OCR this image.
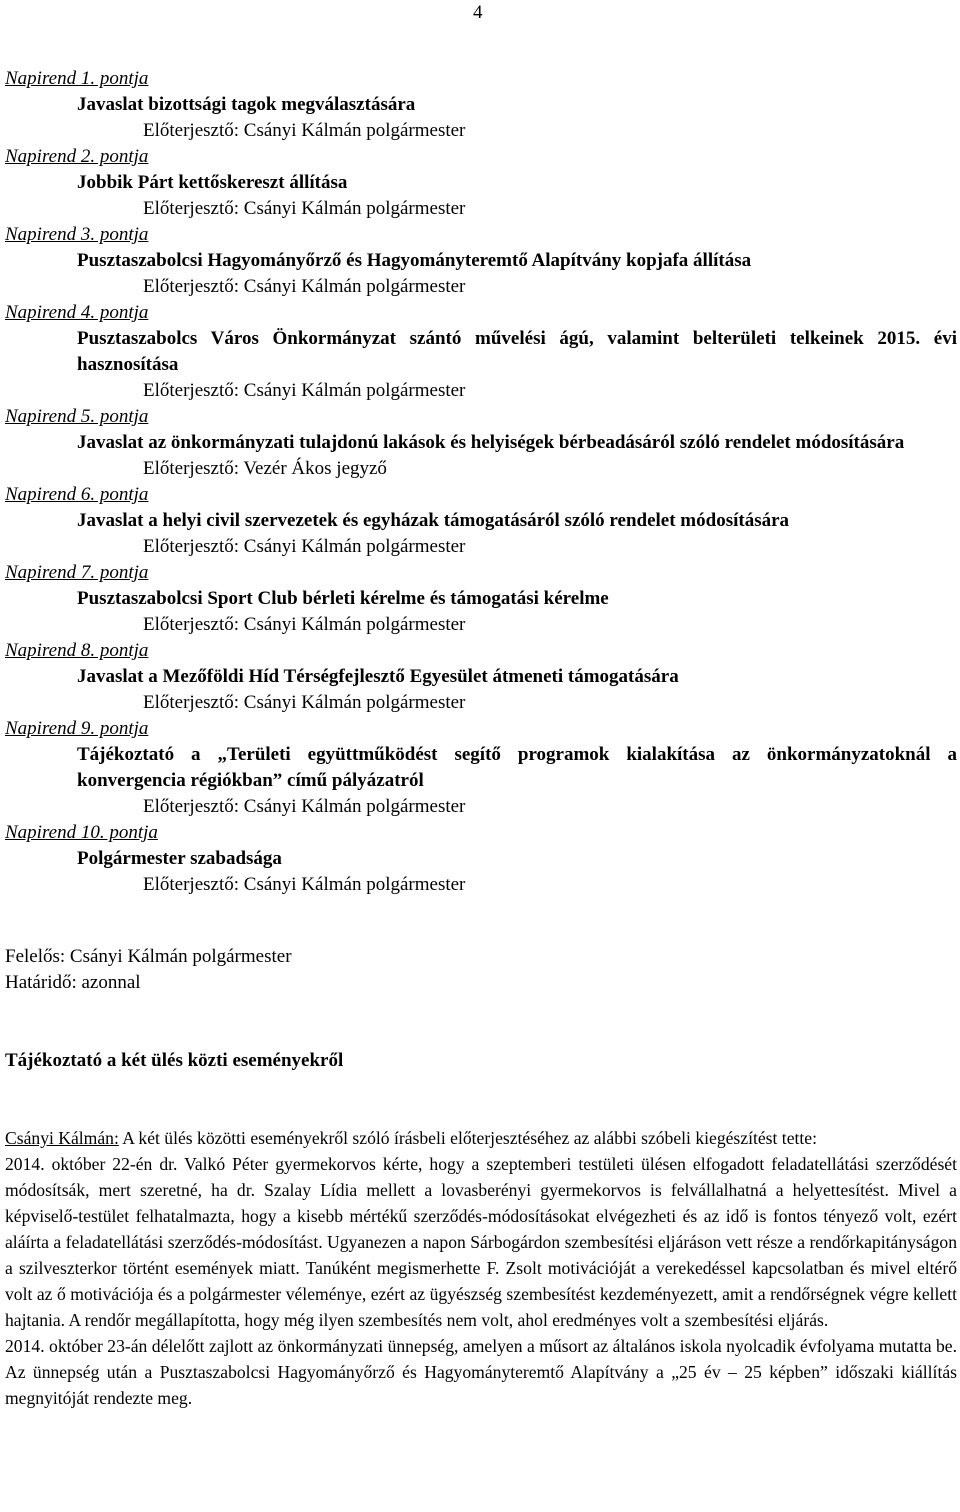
4

Napirend 1. pontja

Javaslat bizottsági tagok megválasztására

Előterjesztő: Csányi Kálmán polgármester

Napirend 2. pontja

Jobbik Párt kettőskereszt állítása

Előterjesztő: Csányi Kálmán polgármester

Napirend 3. pontja

Pusztaszabolcsi Hagyományőrző és Hagyományteremtő Alapítvány kopjafa állítása

Előterjesztő: Csányi Kálmán polgármester

Napirend 4. pontja

Pusztaszabolcs Város Önkormányzat szántó művelési ágú, valamint belterületi telkeinek 2015. évi hasznosítása

Előterjesztő: Csányi Kálmán polgármester

Napirend 5. pontja

Javaslat az önkormányzati tulajdonú lakások és helyiségek bérbeadásáról szóló rendelet módosítására

Előterjesztő: Vezér Ákos jegyző

Napirend 6. pontja

Javaslat a helyi civil szervezetek és egyházak támogatásáról szóló rendelet módosítására

Előterjesztő: Csányi Kálmán polgármester

Napirend 7. pontja

Pusztaszabolcsi Sport Club bérleti kérelme és támogatási kérelme

Előterjesztő: Csányi Kálmán polgármester

Napirend 8. pontja

Javaslat a Mezőföldi Híd Térségfejlesztő Egyesület átmeneti támogatására

Előterjesztő: Csányi Kálmán polgármester

Napirend 9. pontja

Tájékoztató a „Területi együttműködést segítő programok kialakítása az önkormányzatoknál a konvergencia régiókban” című pályázatról

Előterjesztő: Csányi Kálmán polgármester

Napirend 10. pontja

Polgármester szabadsága

Előterjesztő: Csányi Kálmán polgármester

Felelős: Csányi Kálmán polgármester

Határidő: azonnal

Tájékoztató a két ülés közti eseményekről

Csányi Kálmán: A két ülés közötti eseményekről szóló írásbeli előterjesztéséhez az alábbi szóbeli kiegészítést tette:

2014. október 22-én dr. Valkó Péter gyermekorvos kérte, hogy a szeptemberi testületi ülésen elfogadott feladatellátási szerződését módosítsák, mert szeretné, ha dr. Szalay Lídia mellett a lovasberényi gyermekorvos is felvállalhatná a helyettesítést. Mivel a képviselő-testület felhatalmazta, hogy a kisebb mértékű szerződés-módosításokat elvégezheti és az idő is fontos tényező volt, ezért aláírta a feladatellátási szerződés-módosítást. Ugyanezen a napon Sárbogárdon szembesítési eljáráson vett része a rendőrkapitányságon a szilveszterkor történt események miatt. Tanúként megismerhette F. Zsolt motivációját a verekedéssel kapcsolatban és mivel eltérő volt az ő motivációja és a polgármester véleménye, ezért az ügyészség szembesítést kezdeményezett, amit a rendőrségnek végre kellett hajtania. A rendőr megállapította, hogy még ilyen szembesítés nem volt, ahol eredményes volt a szembesítési eljárás.

2014. október 23-án délelőtt zajlott az önkormányzati ünnepség, amelyen a műsort az általános iskola nyolcadik évfolyama mutatta be. Az ünnepség után a Pusztaszabolcsi Hagyományőrző és Hagyományteremtő Alapítvány a „25 év – 25 képben” időszaki kiállítás megnyitóját rendezte meg.
